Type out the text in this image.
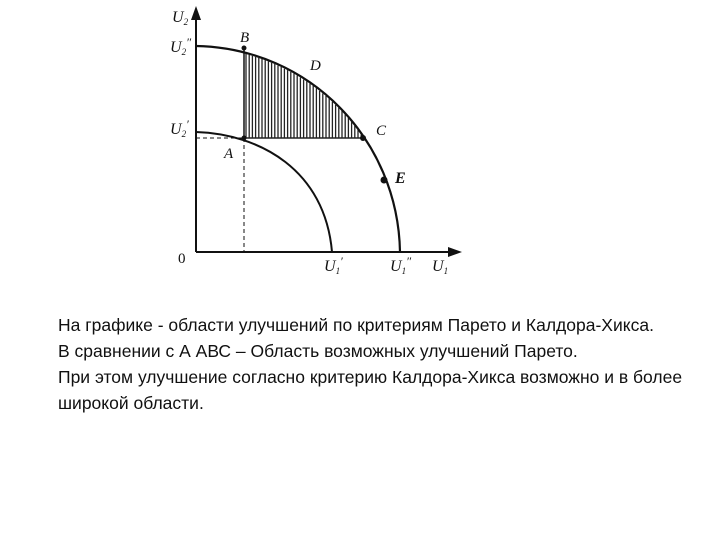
U2
U1
0
U2″
U2′
U1′	U1″
A
B
C
D
E

На графике - области улучшений по критериям Парето и Калдора-Хикса.

В сравнении с А АВС – Область возможных улучшений Парето.

При этом улучшение согласно критерию Калдора-Хикса возможно и в более широкой области.
